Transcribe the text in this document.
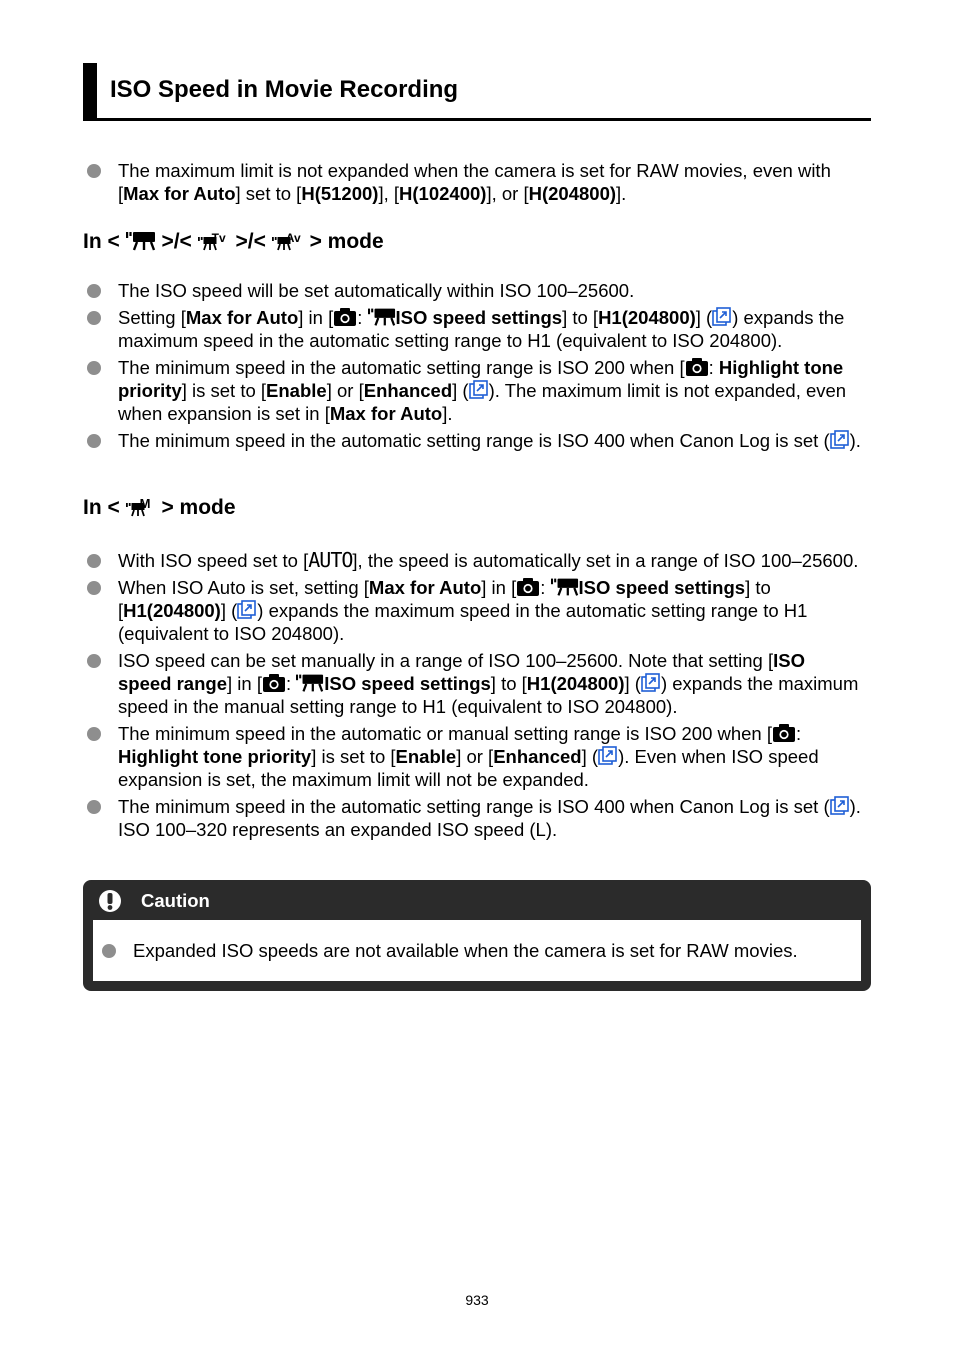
ISO Speed in Movie Recording
The maximum limit is not expanded when the camera is set for RAW movies, even with [Max for Auto] set to [H(51200)], [H(102400)], or [H(204800)].
In < >/< Tv >/< Av > mode
The ISO speed will be set automatically within ISO 100–25600.
Setting [Max for Auto] in [ : ISO speed settings] to [H1(204800)] ( ) expands the maximum speed in the automatic setting range to H1 (equivalent to ISO 204800).
The minimum speed in the automatic setting range is ISO 200 when [ : Highlight tone priority] is set to [Enable] or [Enhanced] ( ). The maximum limit is not expanded, even when expansion is set in [Max for Auto].
The minimum speed in the automatic setting range is ISO 400 when Canon Log is set ( ).
In < M > mode
With ISO speed set to [AUTO], the speed is automatically set in a range of ISO 100–25600.
When ISO Auto is set, setting [Max for Auto] in [ : ISO speed settings] to [H1(204800)] ( ) expands the maximum speed in the automatic setting range to H1 (equivalent to ISO 204800).
ISO speed can be set manually in a range of ISO 100–25600. Note that setting [ISO speed range] in [ : ISO speed settings] to [H1(204800)] ( ) expands the maximum speed in the manual setting range to H1 (equivalent to ISO 204800).
The minimum speed in the automatic or manual setting range is ISO 200 when [ : Highlight tone priority] is set to [Enable] or [Enhanced] ( ). Even when ISO speed expansion is set, the maximum limit will not be expanded.
The minimum speed in the automatic setting range is ISO 400 when Canon Log is set ( ). ISO 100–320 represents an expanded ISO speed (L).
Caution
Expanded ISO speeds are not available when the camera is set for RAW movies.
933
